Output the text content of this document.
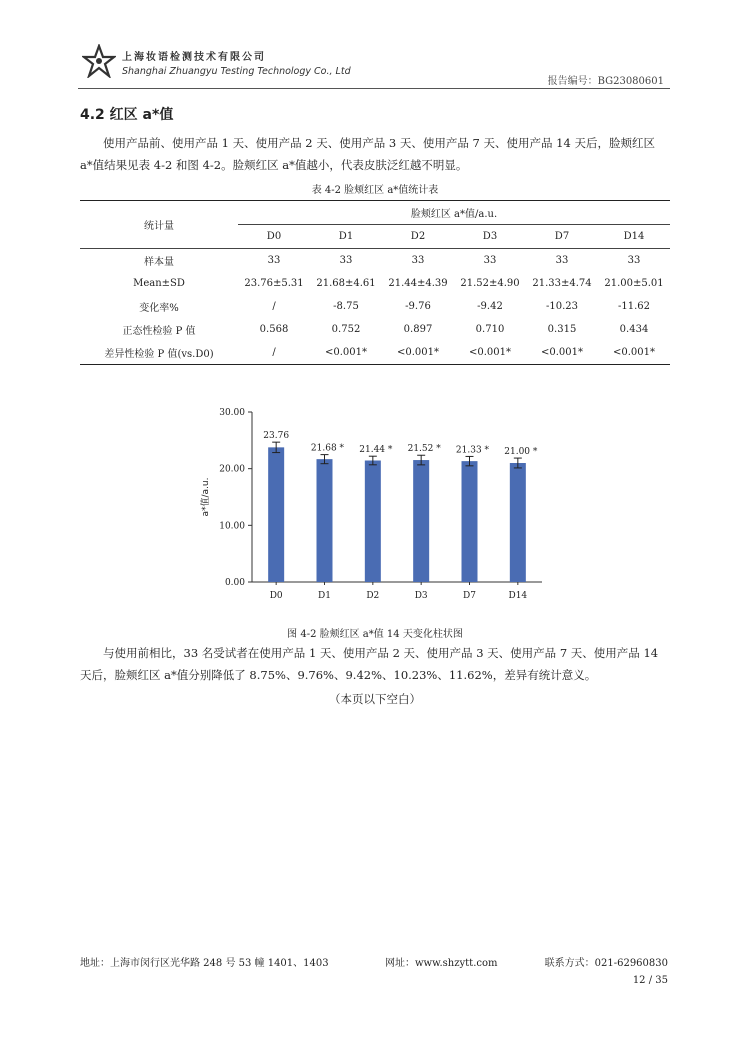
上海妆语检测技术有限公司
Shanghai Zhuangyu Testing Technology Co., Ltd
报告编号：BG23080601
4.2 红区 a*值
使用产品前、使用产品 1 天、使用产品 2 天、使用产品 3 天、使用产品 7 天、使用产品 14 天后，脸颊红区 a*值结果见表 4-2 和图 4-2。脸颊红区 a*值越小，代表皮肤泛红越不明显。
表 4-2 脸颊红区 a*值统计表
统计量	脸颊红区 a*值/a.u.					
	D0	D1	D2	D3	D7	D14
样本量	33	33	33	33	33	33
Mean±SD	23.76±5.31	21.68±4.61	21.44±4.39	21.52±4.90	21.33±4.74	21.00±5.01
变化率%	/	-8.75	-9.76	-9.42	-10.23	-11.62
正态性检验 P 值	0.568	0.752	0.897	0.710	0.315	0.434
差异性检验 P 值(vs.D0)	/	<0.001*	<0.001*	<0.001*	<0.001*	<0.001*
30.00
20.00
10.00
0.00
a*值/a.u.
23.76
D0
21.68 *
D1
21.44 *
D2
21.52 *
D3
21.33 *
D7
21.00 *
D14
图 4-2 脸颊红区 a*值 14 天变化柱状图
与使用前相比，33 名受试者在使用产品 1 天、使用产品 2 天、使用产品 3 天、使用产品 7 天、使用产品 14 天后，脸颊红区 a*值分别降低了 8.75%、9.76%、9.42%、10.23%、11.62%，差异有统计意义。
（本页以下空白）
地址：上海市闵行区光华路 248 号 53 幢 1401、1403	网址：www.shzytt.com	联系方式：021-62960830
12 / 35
